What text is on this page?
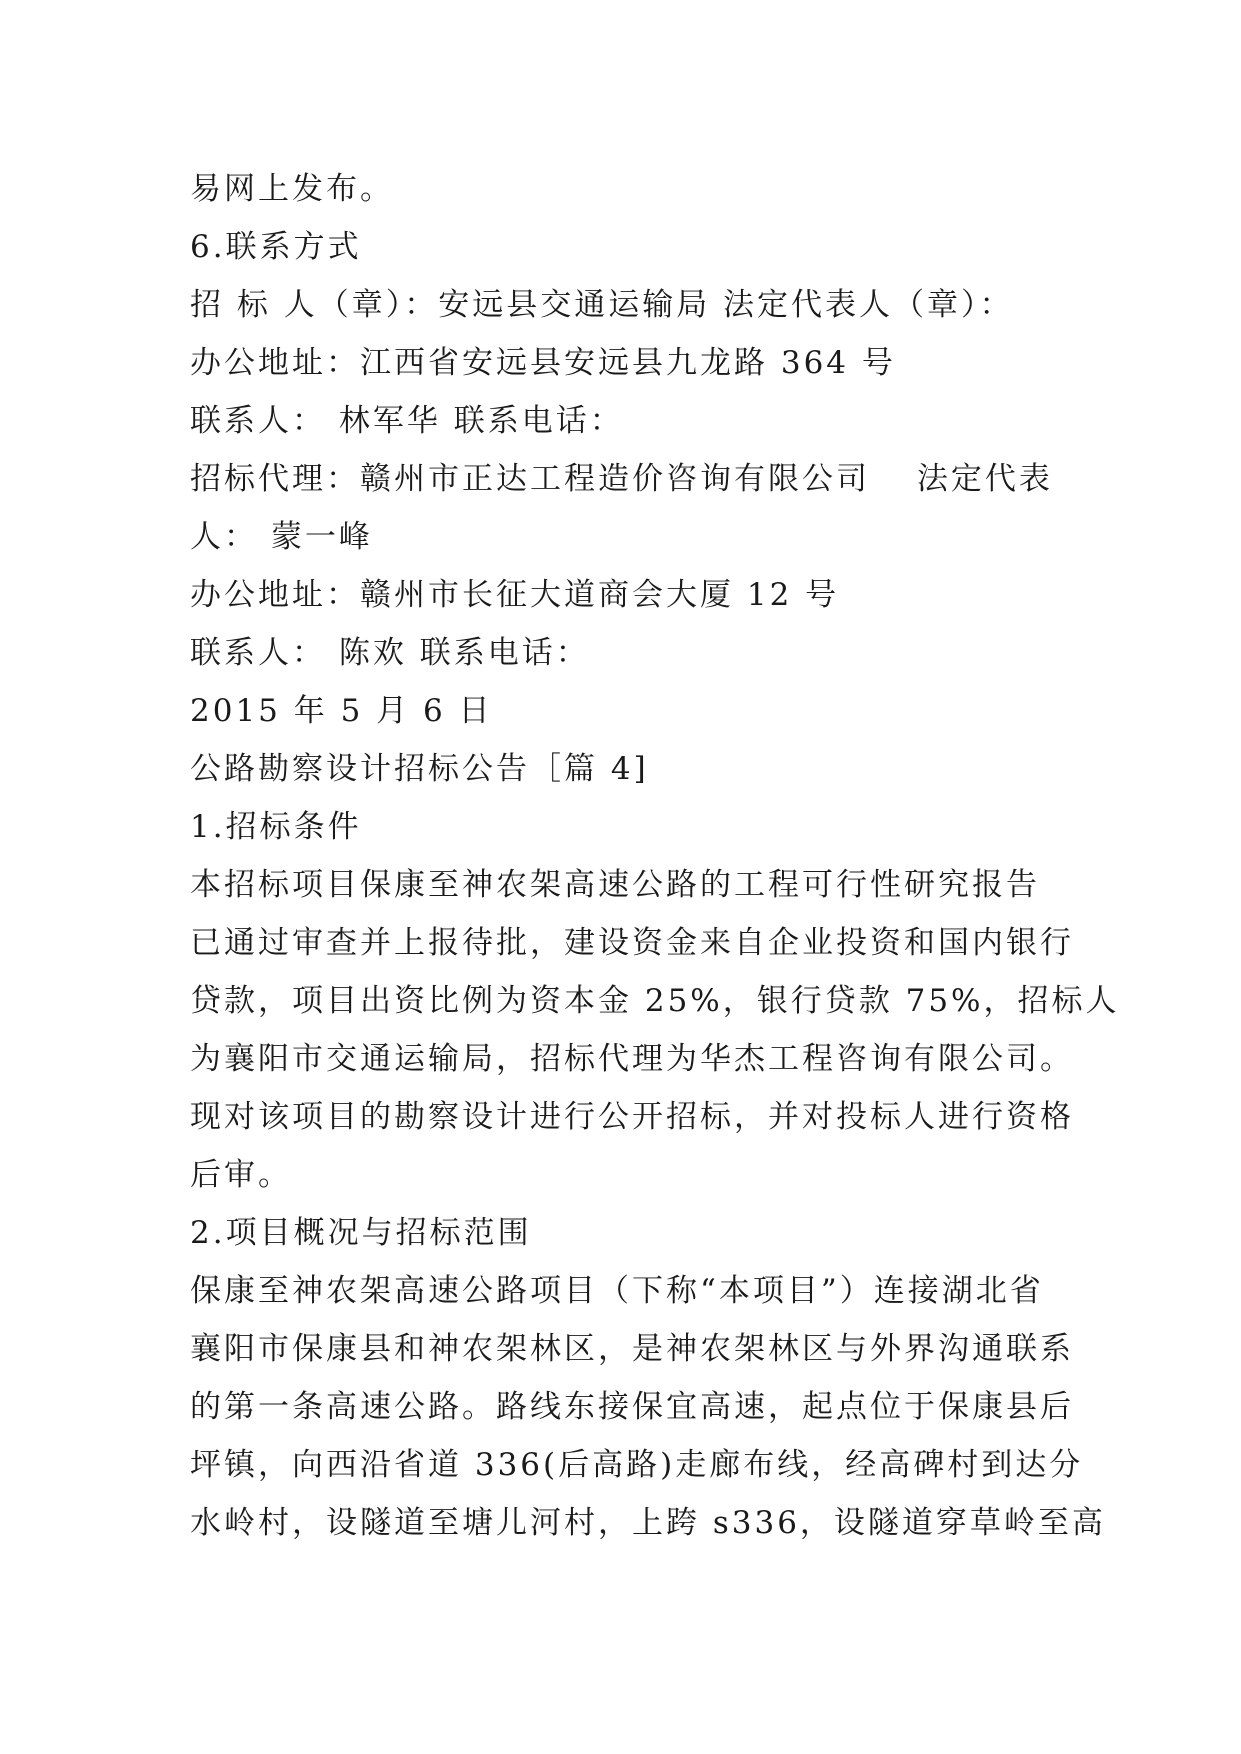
易网上发布。
6.联系方式
招 标 人（章）：安远县交通运输局 法定代表人（章）：
办公地址：江西省安远县安远县九龙路 364 号
联系人： 林军华 联系电话：
招标代理：赣州市正达工程造价咨询有限公司　 法定代表
人： 蒙一峰
办公地址：赣州市长征大道商会大厦 12 号
联系人： 陈欢 联系电话：
2015 年 5 月 6 日
公路勘察设计招标公告［篇 4]
1.招标条件
本招标项目保康至神农架高速公路的工程可行性研究报告
已通过审查并上报待批，建设资金来自企业投资和国内银行
贷款，项目出资比例为资本金 25%，银行贷款 75%，招标人
为襄阳市交通运输局，招标代理为华杰工程咨询有限公司。
现对该项目的勘察设计进行公开招标，并对投标人进行资格
后审。
2.项目概况与招标范围
保康至神农架高速公路项目（下称“本项目”）连接湖北省
襄阳市保康县和神农架林区，是神农架林区与外界沟通联系
的第一条高速公路。路线东接保宜高速，起点位于保康县后
坪镇，向西沿省道 336(后高路)走廊布线，经高碑村到达分
水岭村，设隧道至塘儿河村，上跨 s336，设隧道穿草岭至高
